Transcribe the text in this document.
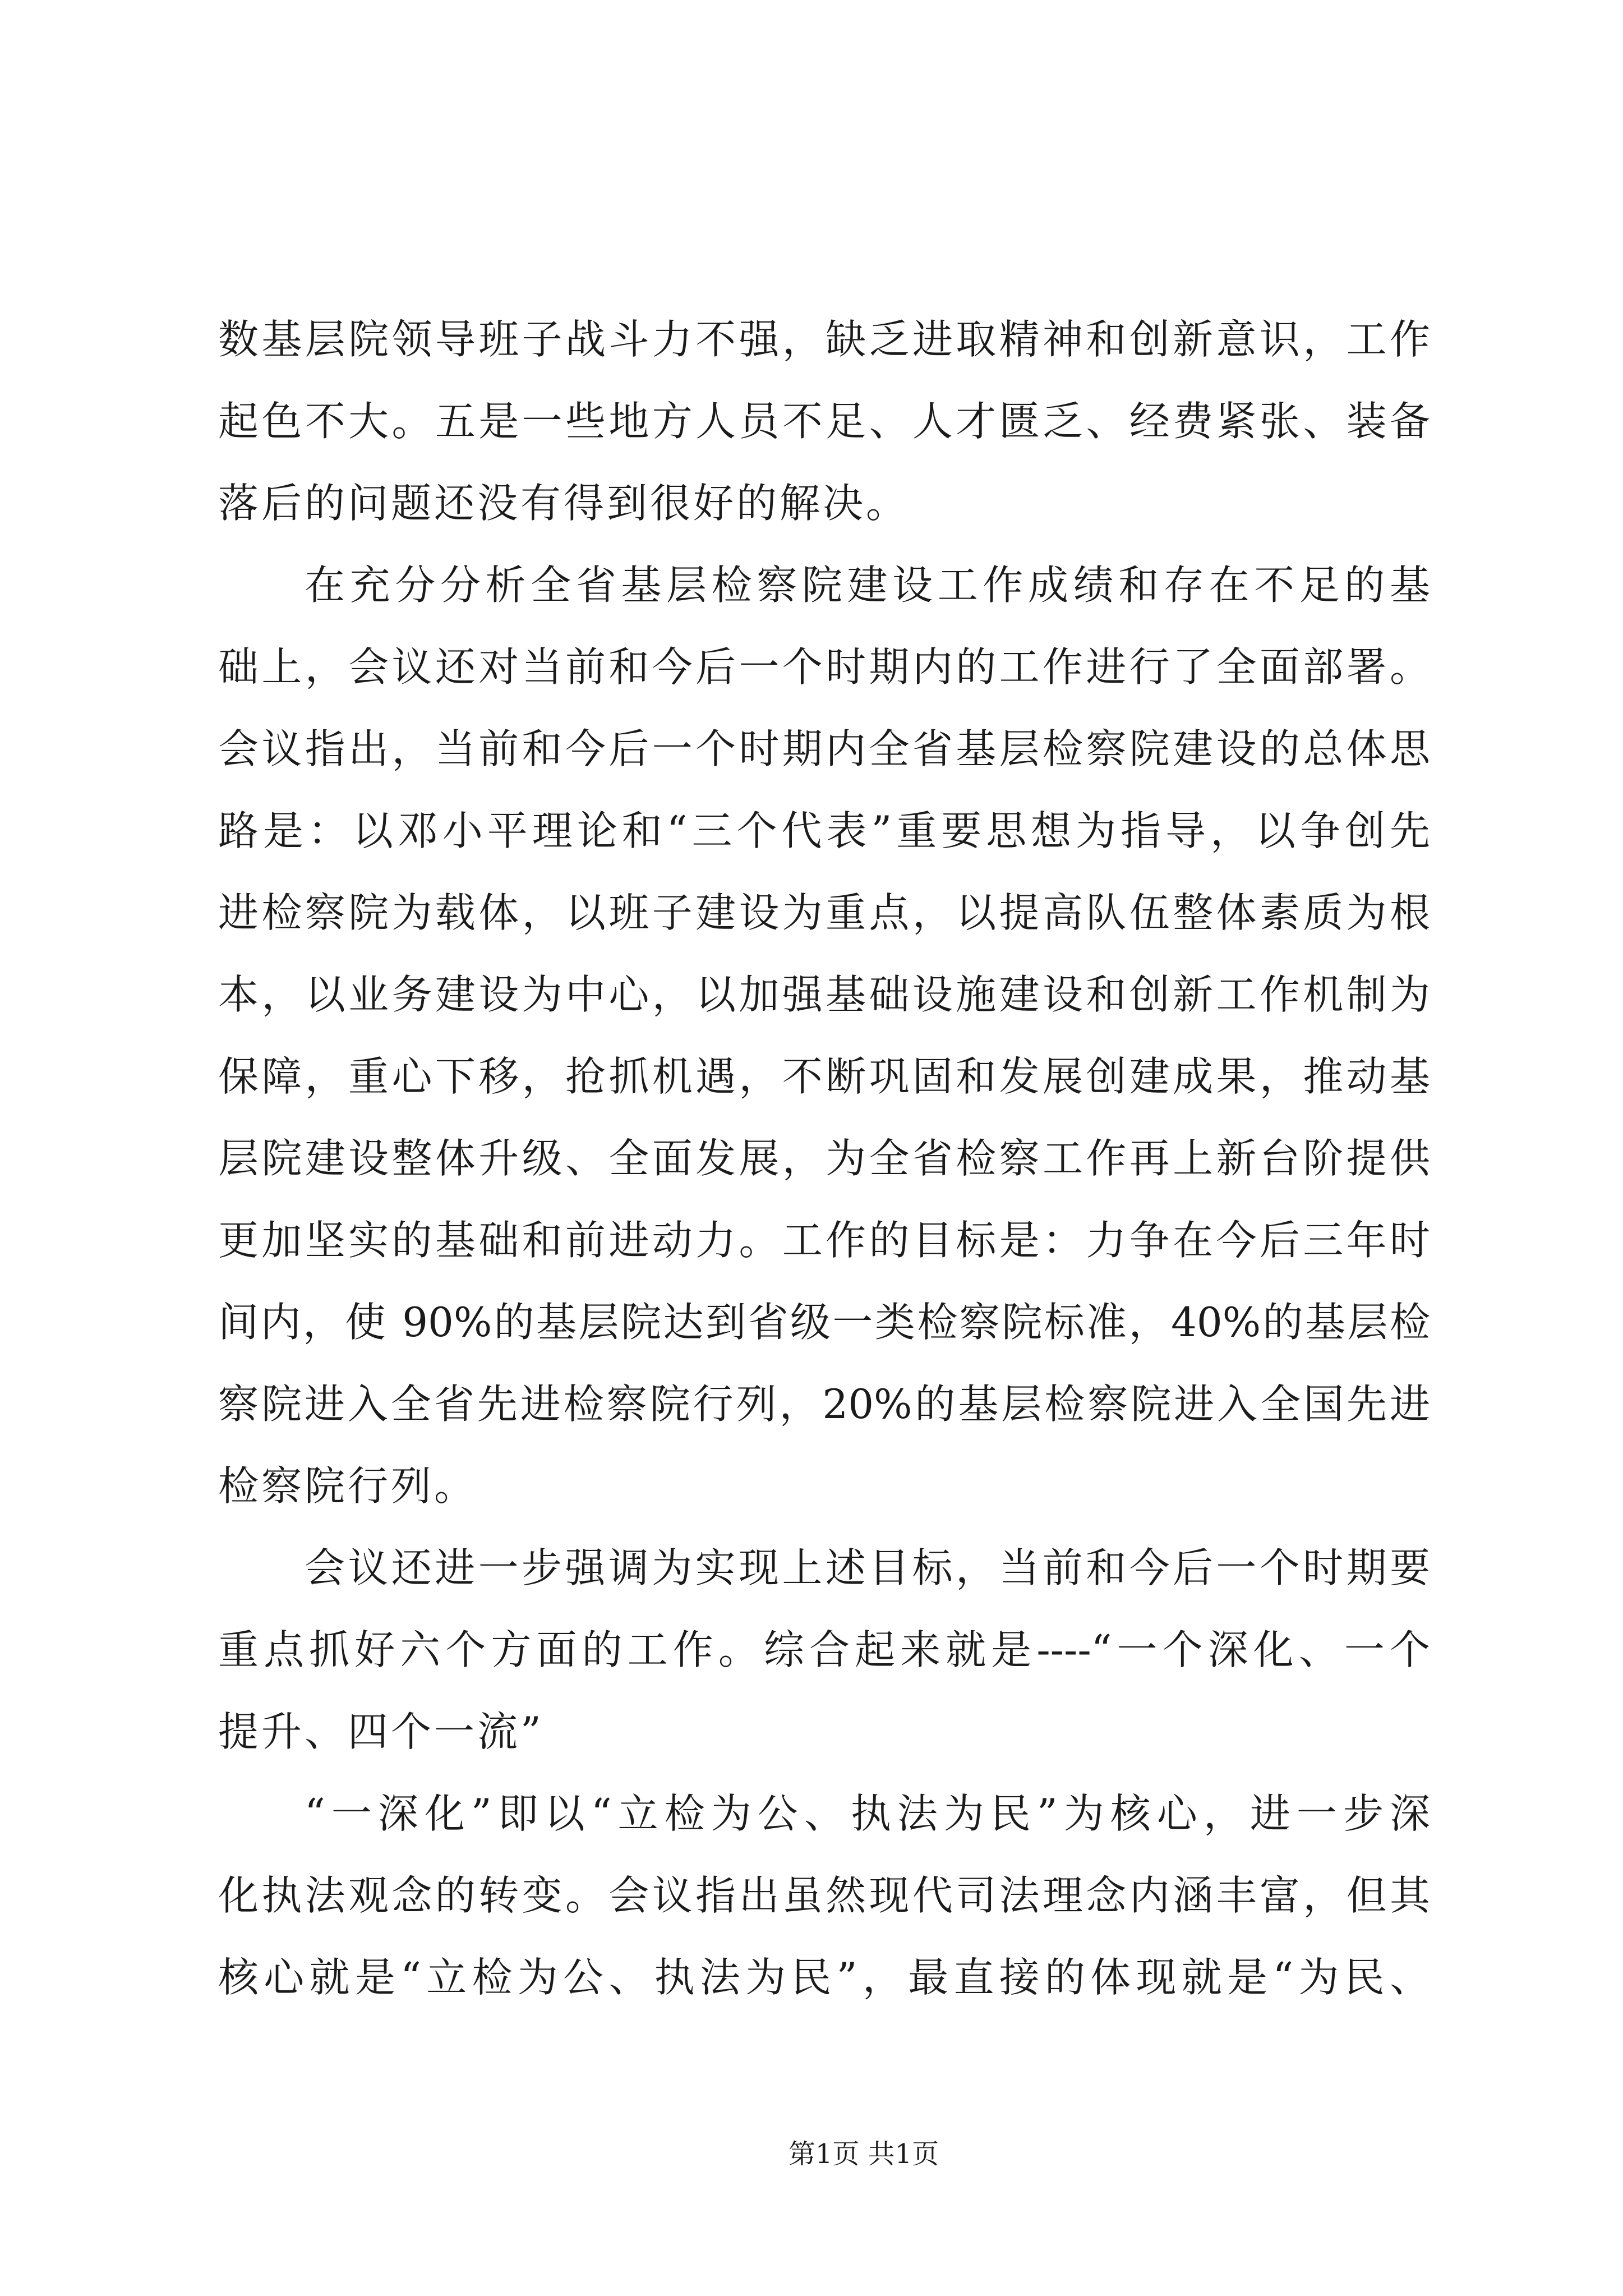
数基层院领导班子战斗力不强，缺乏进取精神和创新意识，工作
起色不大。五是一些地方人员不足、人才匮乏、经费紧张、装备
落后的问题还没有得到很好的解决。
在充分分析全省基层检察院建设工作成绩和存在不足的基
础上，会议还对当前和今后一个时期内的工作进行了全面部署。
会议指出，当前和今后一个时期内全省基层检察院建设的总体思
路是：以邓小平理论和“三个代表”重要思想为指导，以争创先
进检察院为载体，以班子建设为重点，以提高队伍整体素质为根
本，以业务建设为中心，以加强基础设施建设和创新工作机制为
保障，重心下移，抢抓机遇，不断巩固和发展创建成果，推动基
层院建设整体升级、全面发展，为全省检察工作再上新台阶提供
更加坚实的基础和前进动力。工作的目标是：力争在今后三年时
间内，使 90%的基层院达到省级一类检察院标准，40%的基层检
察院进入全省先进检察院行列，20%的基层检察院进入全国先进
检察院行列。
会议还进一步强调为实现上述目标，当前和今后一个时期要
重点抓好六个方面的工作。综合起来就是----“一个深化、一个
提升、四个一流”
“一深化”即以“立检为公、执法为民”为核心，进一步深
化执法观念的转变。会议指出虽然现代司法理念内涵丰富，但其
核心就是“立检为公、执法为民”，最直接的体现就是“为民、
第1页 共1页
